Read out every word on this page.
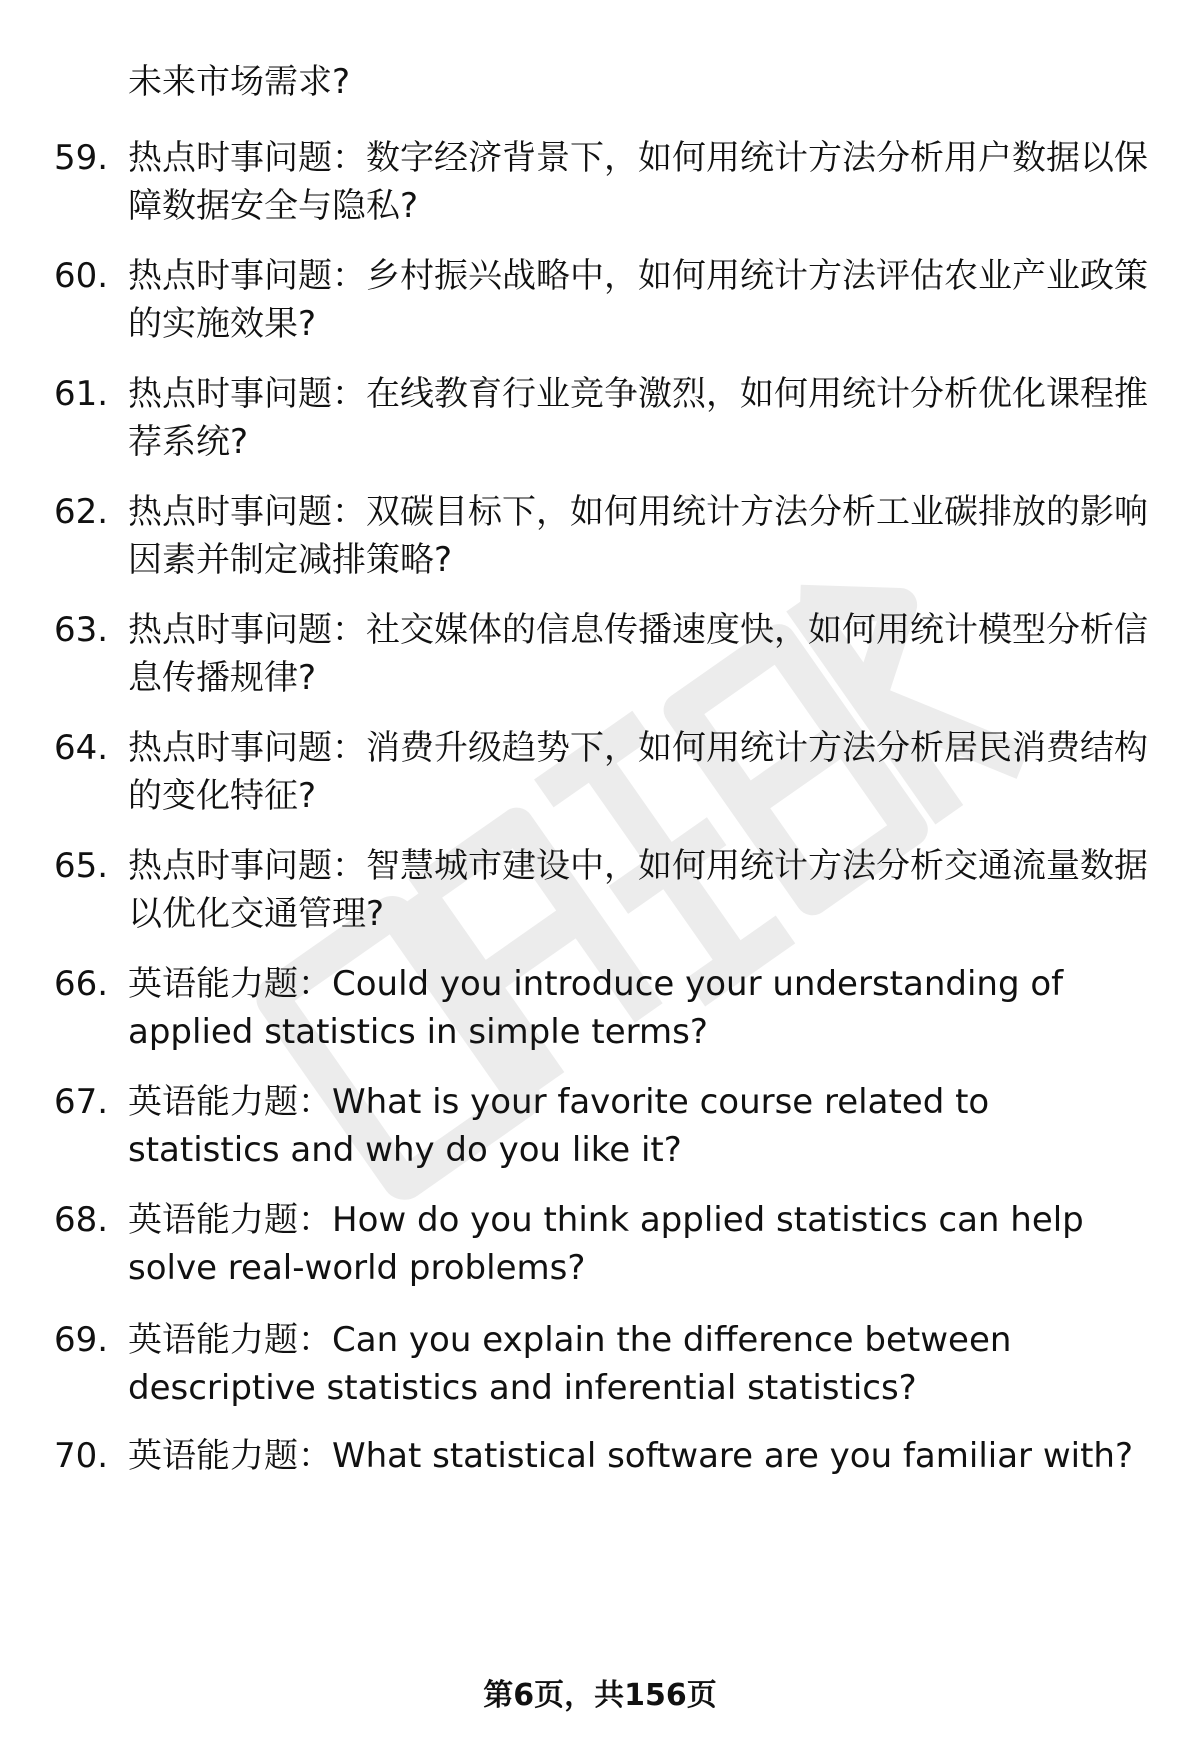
未来市场需求?
59. 热点时事问题：数字经济背景下，如何用统计方法分析用户数据以保障数据安全与隐私?
60. 热点时事问题：乡村振兴战略中，如何用统计方法评估农业产业政策的实施效果?
61. 热点时事问题：在线教育行业竞争激烈，如何用统计分析优化课程推荐系统?
62. 热点时事问题：双碳目标下，如何用统计方法分析工业碳排放的影响因素并制定减排策略?
63. 热点时事问题：社交媒体的信息传播速度快，如何用统计模型分析信息传播规律?
64. 热点时事问题：消费升级趋势下，如何用统计方法分析居民消费结构的变化特征?
65. 热点时事问题：智慧城市建设中，如何用统计方法分析交通流量数据以优化交通管理?
66. 英语能力题：Could you introduce your understanding of applied statistics in simple terms?
67. 英语能力题：What is your favorite course related to statistics and why do you like it?
68. 英语能力题：How do you think applied statistics can help solve real-world problems?
69. 英语能力题：Can you explain the difference between descriptive statistics and inferential statistics?
70. 英语能力题：What statistical software are you familiar with?
第6页，共156页
